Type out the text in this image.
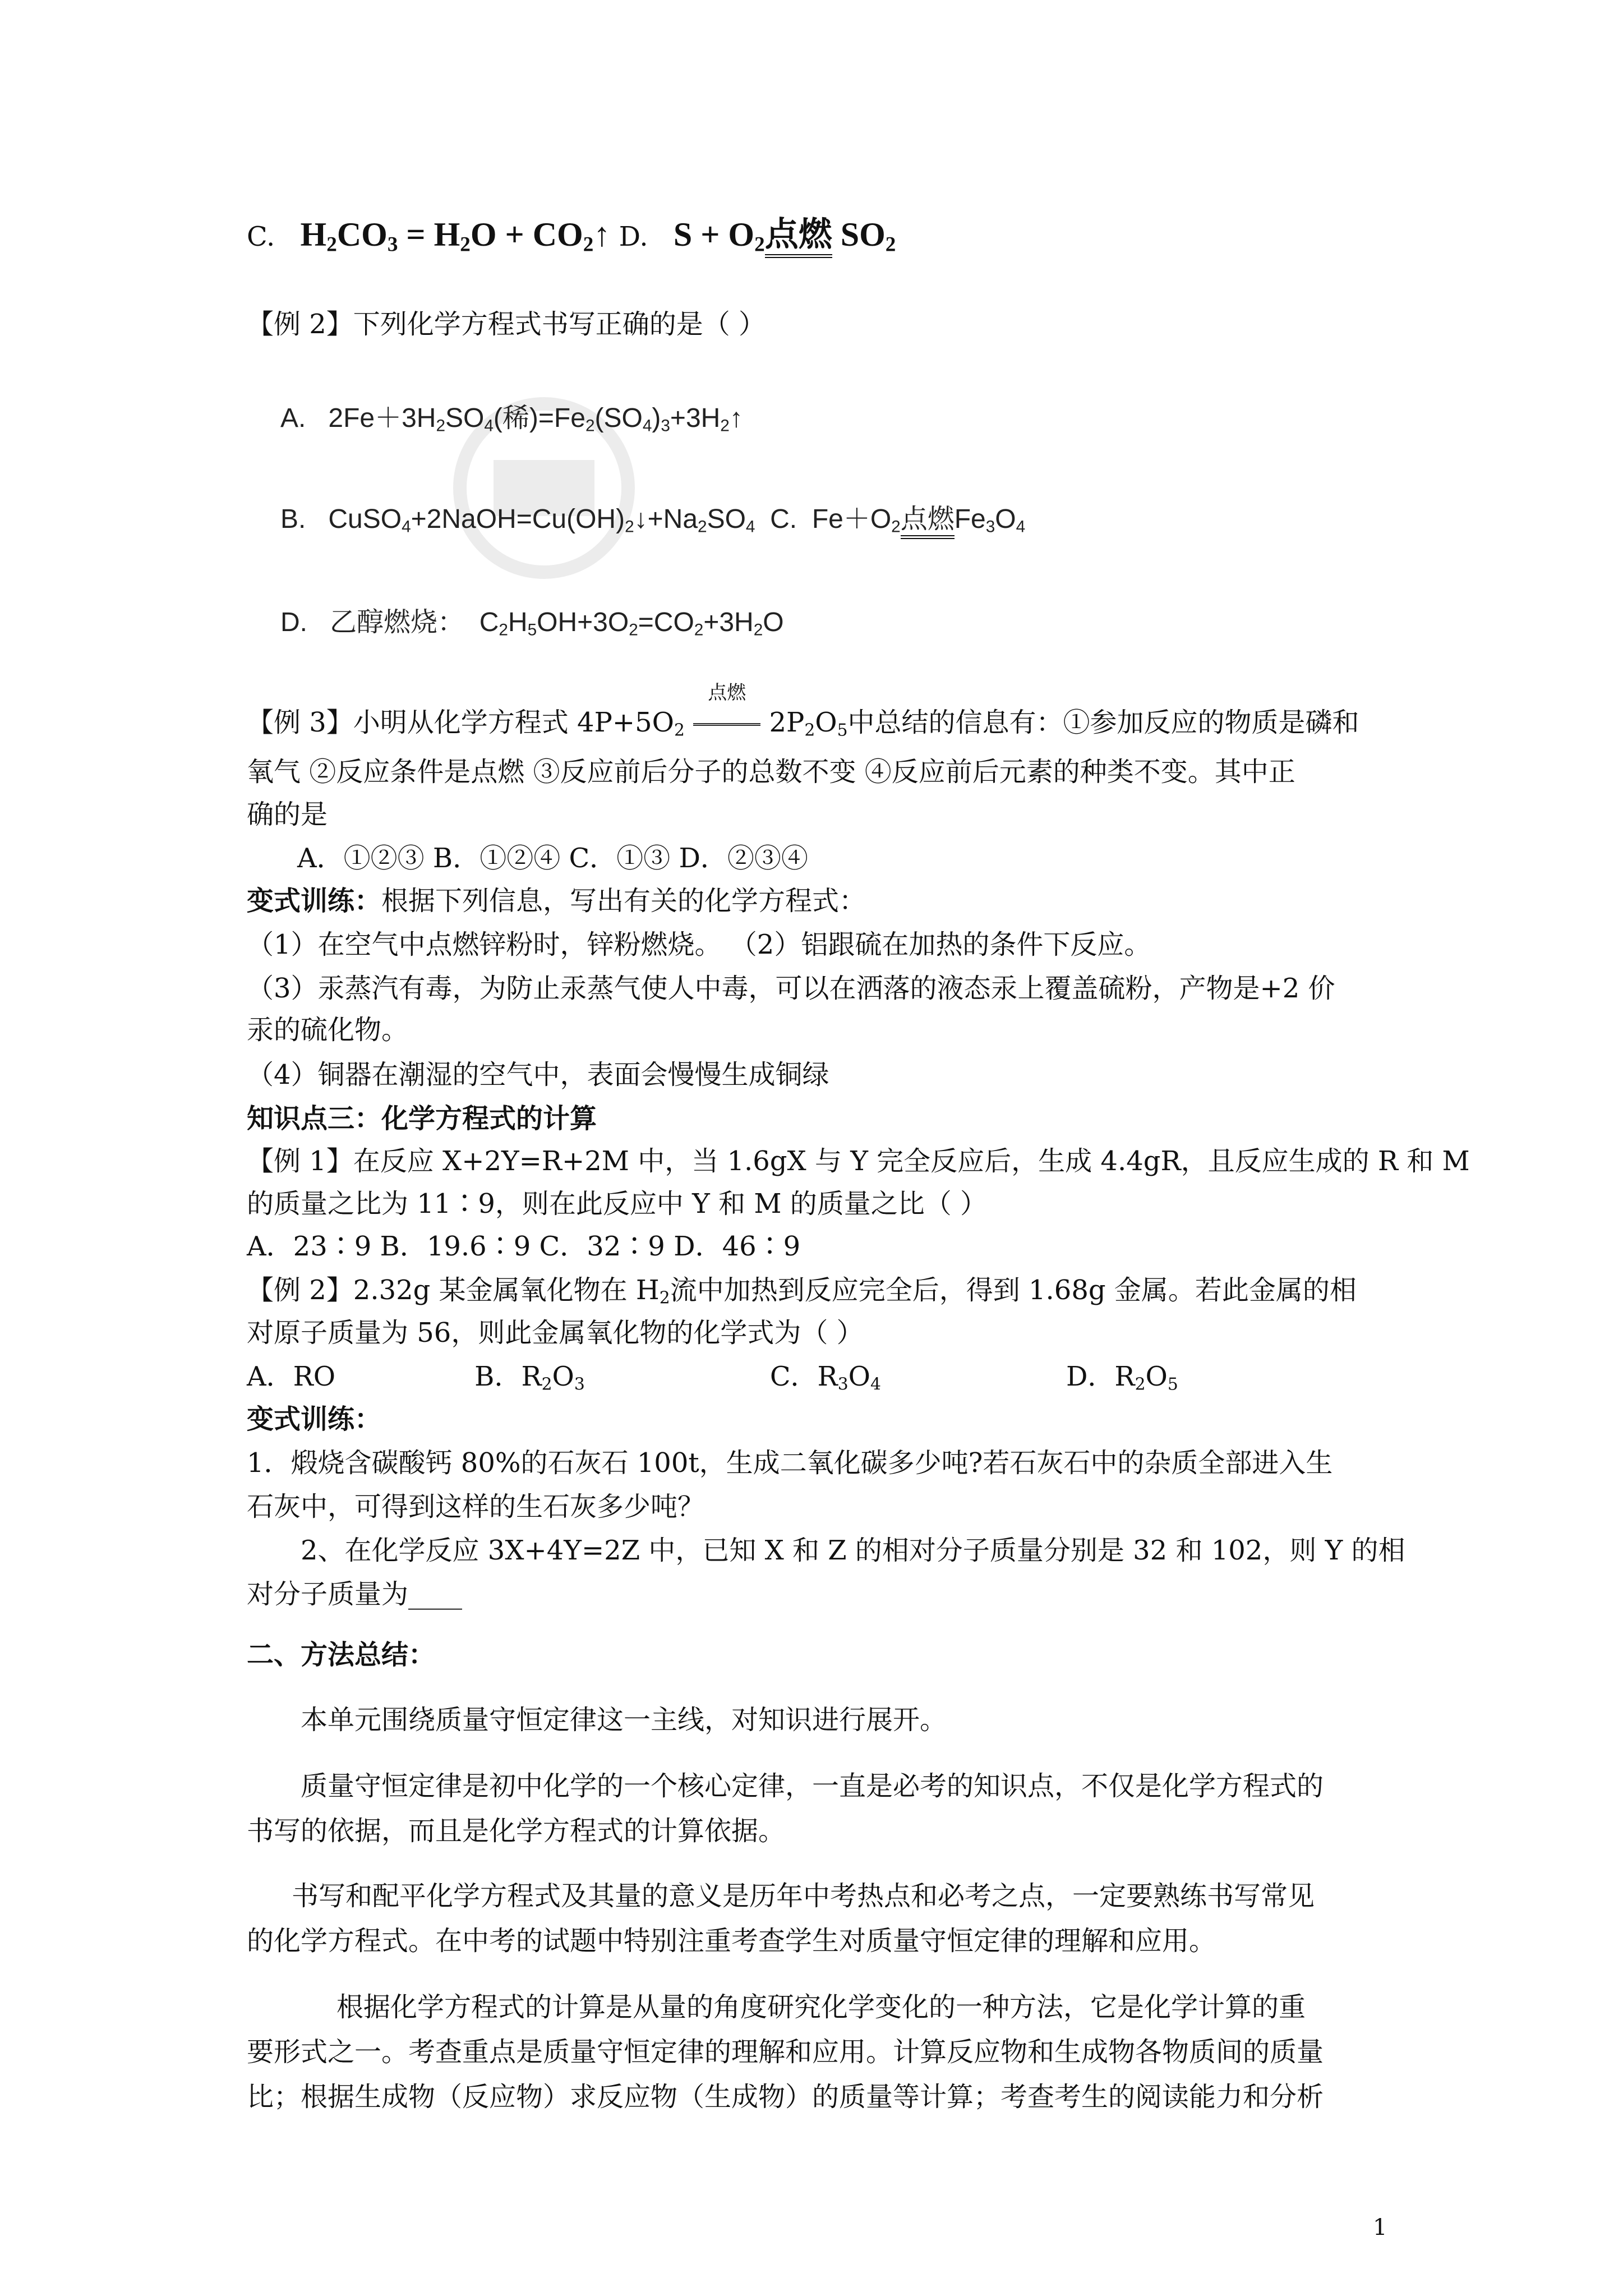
C.   $H_2CO_3 = H_2O$ + $CO_2↑$ D.   $S + O_2$点燃 $SO_2$
【例 2】下列化学方程式书写正确的是（ ）
A.   $2Fe+3H_2SO_4$(稀)$=Fe_2(SO_4)_3+3H_2↑$
B.   $CuSO_4+2NaOH=Cu(OH)_2↓+Na_2SO_4$ C.  $Fe+O_2$点燃$Fe_3O_4$
D. 乙醇燃烧：  $C_2H_5OH+3O_2=CO_2+3H_2O$
【例 3】小明从化学方程式 $4P+5O_2$
点燃
$2P_2O_5$中总结的信息有：①参加反应的物质是磷和
氧气 ②反应条件是点燃 ③反应前后分子的总数不变 ④反应前后元素的种类不变。其中正
确的是
A．①②③ B．①②④ C．①③ D．②③④
变式训练：根据下列信息，写出有关的化学方程式：
（1）在空气中点燃锌粉时，锌粉燃烧。 （2）铝跟硫在加热的条件下反应。
（3）汞蒸汽有毒，为防止汞蒸气使人中毒，可以在洒落的液态汞上覆盖硫粉，产物是+2 价
汞的硫化物。
（4）铜器在潮湿的空气中，表面会慢慢生成铜绿
知识点三：化学方程式的计算
【例 1】在反应 X+2Y=R+2M 中，当 1.6gX 与 Y 完全反应后，生成 4.4gR，且反应生成的 R 和 M
的质量之比为 11∶9，则在此反应中 Y 和 M 的质量之比（ ）
A．23∶9 B．19.6∶9 C．32∶9 D．46∶9
【例 2】2.32g 某金属氧化物在 $H_2$流中加热到反应完全后，得到 1.68g 金属。若此金属的相
对原子质量为 56，则此金属氧化物的化学式为（ ）
A．RO	B．$R_2O_3$	C．$R_3O_4$	D．$R_2O_5$
变式训练：
1．煅烧含碳酸钙 80%的石灰石 100t，生成二氧化碳多少吨?若石灰石中的杂质全部进入生
石灰中，可得到这样的生石灰多少吨？
2、在化学反应 3X+4Y=2Z 中，已知 X 和 Z 的相对分子质量分别是 32 和 102，则 Y 的相
对分子质量为____
二、方法总结：
本单元围绕质量守恒定律这一主线，对知识进行展开。
质量守恒定律是初中化学的一个核心定律，一直是必考的知识点，不仅是化学方程式的
书写的依据，而且是化学方程式的计算依据。
书写和配平化学方程式及其量的意义是历年中考热点和必考之点，一定要熟练书写常见
的化学方程式。在中考的试题中特别注重考查学生对质量守恒定律的理解和应用。
根据化学方程式的计算是从量的角度研究化学变化的一种方法，它是化学计算的重
要形式之一。考查重点是质量守恒定律的理解和应用。计算反应物和生成物各物质间的质量
比；根据生成物（反应物）求反应物（生成物）的质量等计算；考查考生的阅读能力和分析
1
